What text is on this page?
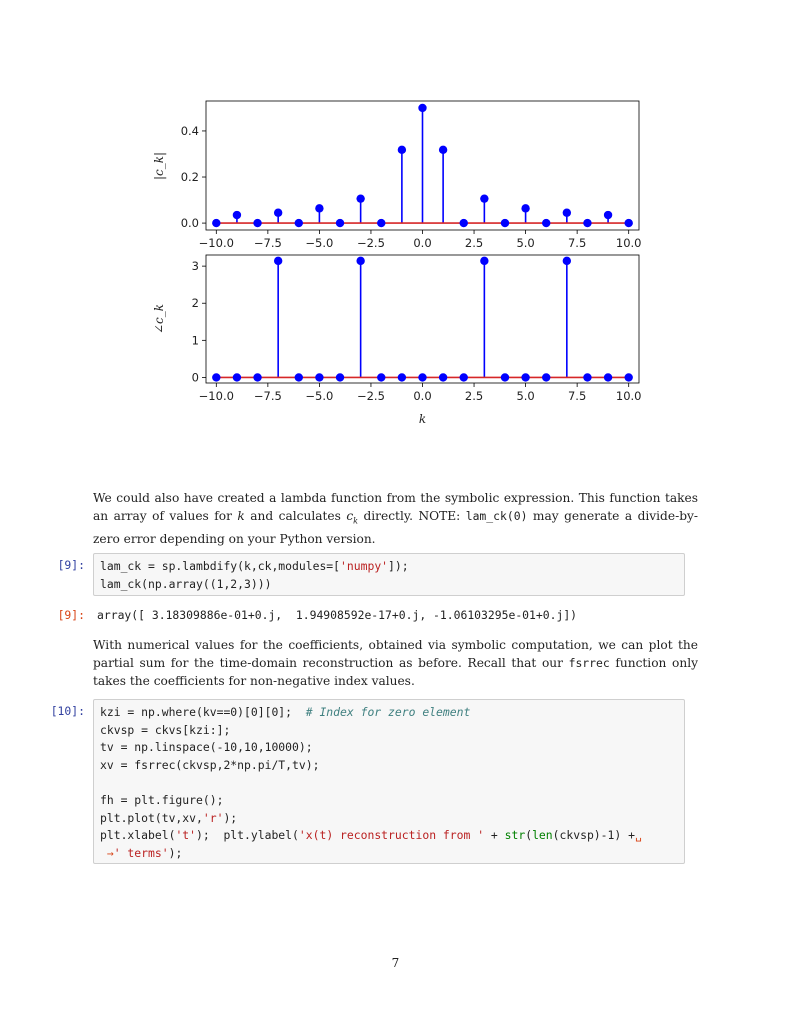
−10.0 −7.5 −5.0 −2.5 0.0	2.5	5.0	7.5	10.0
0.0
0.2
0.4
|c_k|
−10.0 −7.5 −5.0 −2.5 0.0	2.5	5.0	7.5	10.0
0
1
2
3
∠c_k
k
We could also have created a lambda function from the symbolic expression. This function takes an array of values for k and calculates $c_k$ directly. NOTE: lam_ck(0) may generate a divide-by-zero error depending on your Python version.
[9]:	lam_ck = sp.lambdify(k,ck,modules=['numpy']);
lam_ck(np.array((1,2,3)))
[9]: array([ 3.18309886e-01+0.j,  1.94908592e-17+0.j, -1.06103295e-01+0.j])
With numerical values for the coefficients, obtained via symbolic computation, we can plot the partial sum for the time-domain reconstruction as before. Recall that our fsrrec function only takes the coefficients for non-negative index values.
[10]:	kzi = np.where(kv==0)[0][0];  # Index for zero element
ckvsp = ckvs[kzi:];
tv = np.linspace(-10,10,10000);
xv = fsrrec(ckvsp,2*np.pi/T,tv);

fh = plt.figure();
plt.plot(tv,xv,'r');
plt.xlabel('t');  plt.ylabel('x(t) reconstruction from ' + str(len(ckvsp)-1) +␣
→' terms');
7
